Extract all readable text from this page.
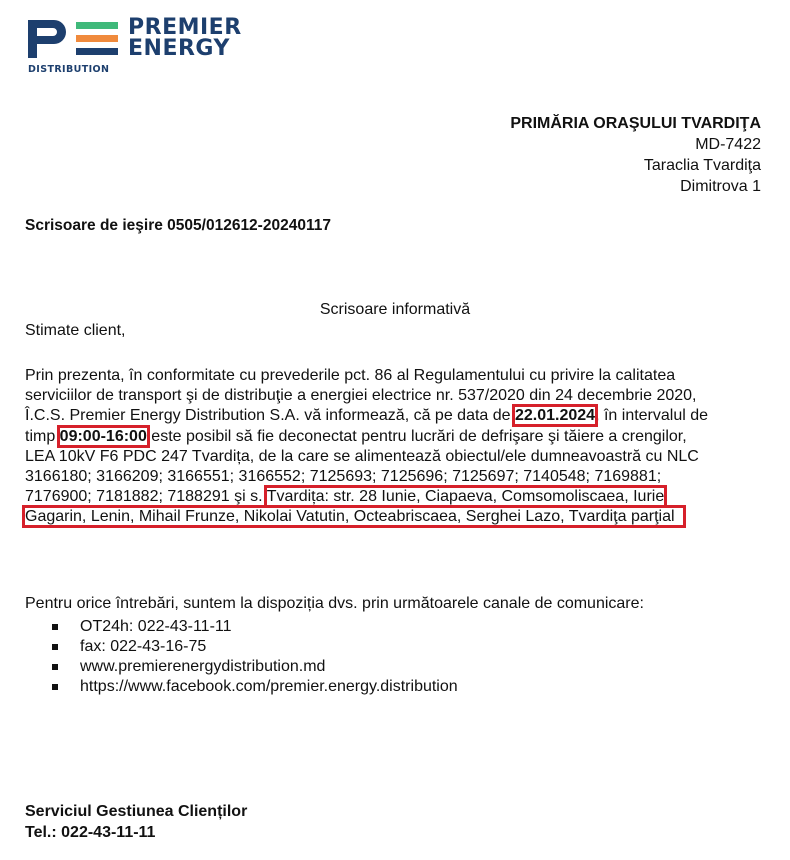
PREMIER
ENERGY
DISTRIBUTION
PRIMĂRIA ORAŞULUI TVARDIŢA
MD-7422
Taraclia Tvardiţa
Dimitrova 1
Scrisoare de ieşire 0505/012612-20240117
Scrisoare informativă
Stimate client,
Prin prezenta, în conformitate cu prevederile pct. 86 al Regulamentului cu privire la calitatea
serviciilor de transport şi de distribuţie a energiei electrice nr. 537/2020 din 24 decembrie 2020,
Î.C.S. Premier Energy Distribution S.A. vă informează, că pe data de 22.01.2024, în intervalul de
timp 09:00-16:00 este posibil să fie deconectat pentru lucrări de defrişare şi tăiere a crengilor,
LEA 10kV F6 PDC 247 Tvardița, de la care se alimentează obiectul/ele dumneavoastră cu NLC
3166180; 3166209; 3166551; 3166552; 7125693; 7125696; 7125697; 7140548; 7169881;
7176900; 7181882; 7188291 şi s. Tvardița: str. 28 Iunie, Ciapaeva, Comsomoliscaea, Iurie
Gagarin, Lenin, Mihail Frunze, Nikolai Vatutin, Octeabriscaea, Serghei Lazo, Tvardiţa parţial
Pentru orice întrebări, suntem la dispoziția dvs. prin următoarele canale de comunicare:
OT24h: 022-43-11-11
fax: 022-43-16-75
www.premierenergydistribution.md
https://www.facebook.com/premier.energy.distribution
Serviciul Gestiunea Clienților
Tel.: 022-43-11-11
